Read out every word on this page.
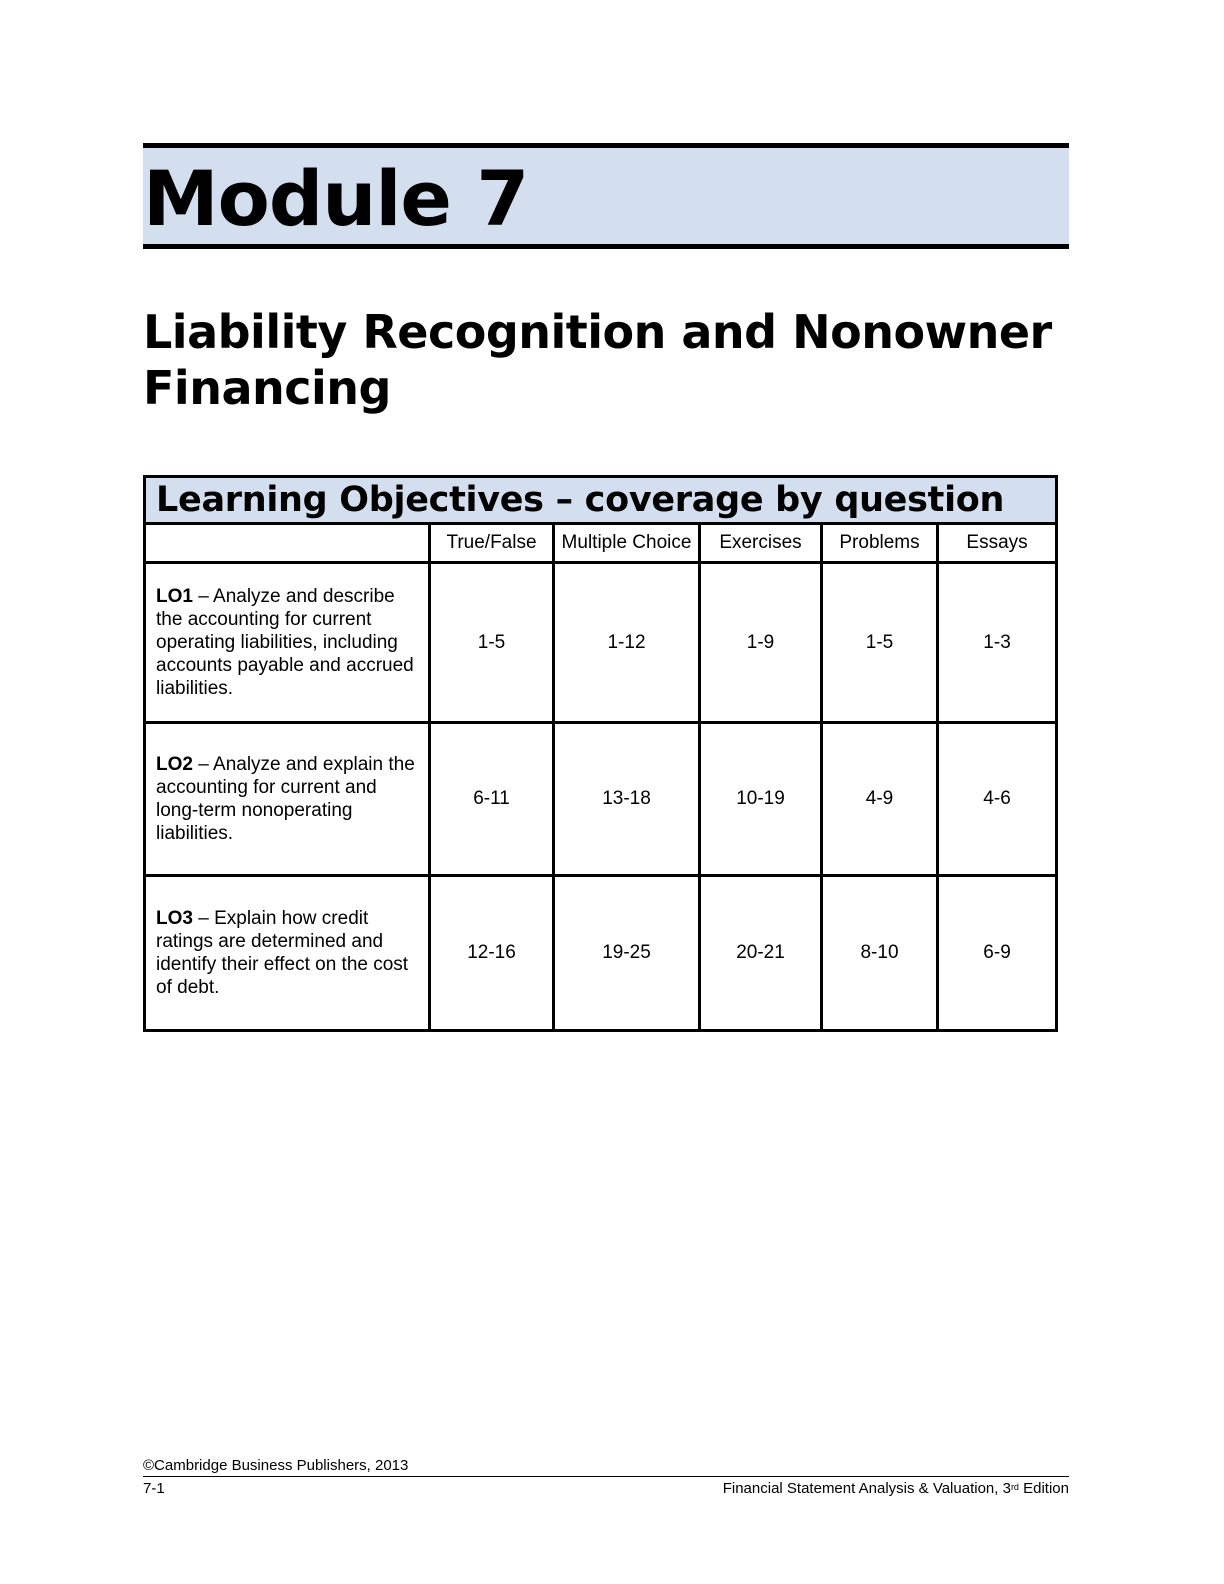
Module 7
Liability Recognition and Nonowner
Financing
Learning Objectives – coverage by question					
	True/False	Multiple Choice	Exercises	Problems	Essays
LO1 – Analyze and describe the accounting for current operating liabilities, including accounts payable and accrued liabilities.	1-5	1-12	1-9	1-5	1-3
LO2 – Analyze and explain the accounting for current and long-term nonoperating liabilities.	6-11	13-18	10-19	4-9	4-6
LO3 – Explain how credit ratings are determined and identify their effect on the cost of debt.	12-16	19-25	20-21	8-10	6-9
©Cambridge Business Publishers, 2013
7-1	Financial Statement Analysis & Valuation, 3rd Edition
